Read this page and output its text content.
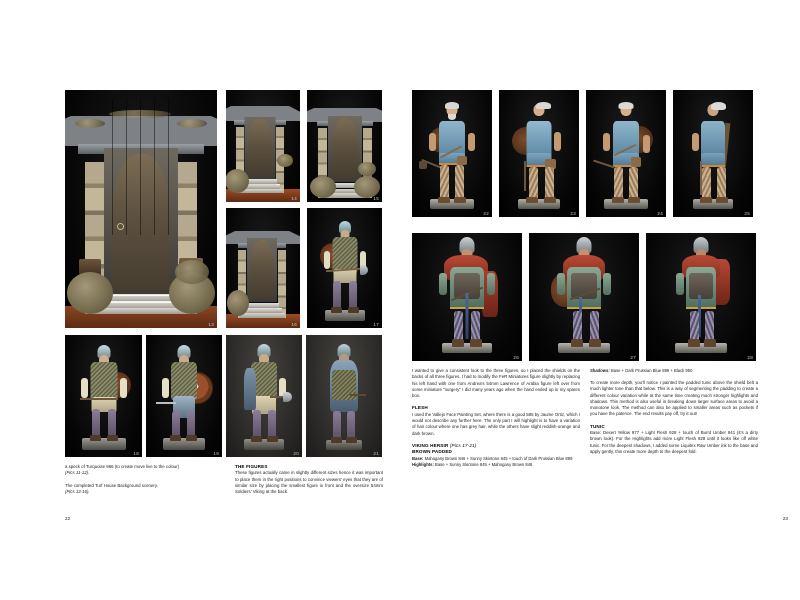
13
14	15
16	17
18	19	20	21
a speck of Turquoise 966 (to create move live to the colour)
(Pics 11-12).
The completed Turf House Background scenery.
(Pics 13-16).
THE FIGURES
These figures actually came in slightly different sizes hence it was important to place them in the right positions to convince viewers' eyes that they are of similar size by placing the smallest figure in front and the oversize 54mm Soldiers' Viking at the back.
22
22	23	24	25
26	27	28
I wanted to give a consistent look to the three figures, so I placed the shields on the backs of all three figures. I had to modify the FeR Miniatures figure slightly by replacing his left hand with one from Andrea's 54mm Lawrence of Arabia figure left over from some miniature "surgery" I did many years ago when the hand ended up in my spares box.
FLESH
I used the Vallejo Face Painting Set, where there is a good 585 by Jaume Ortiz, which I would not describe any further here. The only part I will highlight is to have a variation of hair colour where one has grey hair, while the others have slight reddish-orange and dark brown.
VIKING HERSIR (Pics 17-21)
BROWN PADDED
Base: Mahogany Brown 846 + Sunny Skintone 845 + touch of Dark Prussian Blue 899
Highlights: Base + Sunny Skintone 845 + Mahogany Brown 846
Shadows: Base + Dark Prussian Blue 899 + Black 950
To create more depth, you'll notice I painted the padded tunic above the shield belt a much lighter tone than that below. This is a way of segmenting the padding to create a different colour variation while at the same time creating much stronger highlights and shadows. This method is also useful in breaking down larger surface areas to avoid a monotone look. The method can also be applied to smaller areas such as pockets if you have the patence. The end results pay off, try it out!
TUNIC
Base: Desert Yellow 977 + Light Flesh 928 + touch of Burnt Umber 941 (it's a dirty brown look). For the Highlights add more Light Flesh 928 until it looks like off white tunic. For the deepest shadows, I added some Liquitex Raw Umber ink to the base and apply gently, this create more depth to the deepest fold.
23
